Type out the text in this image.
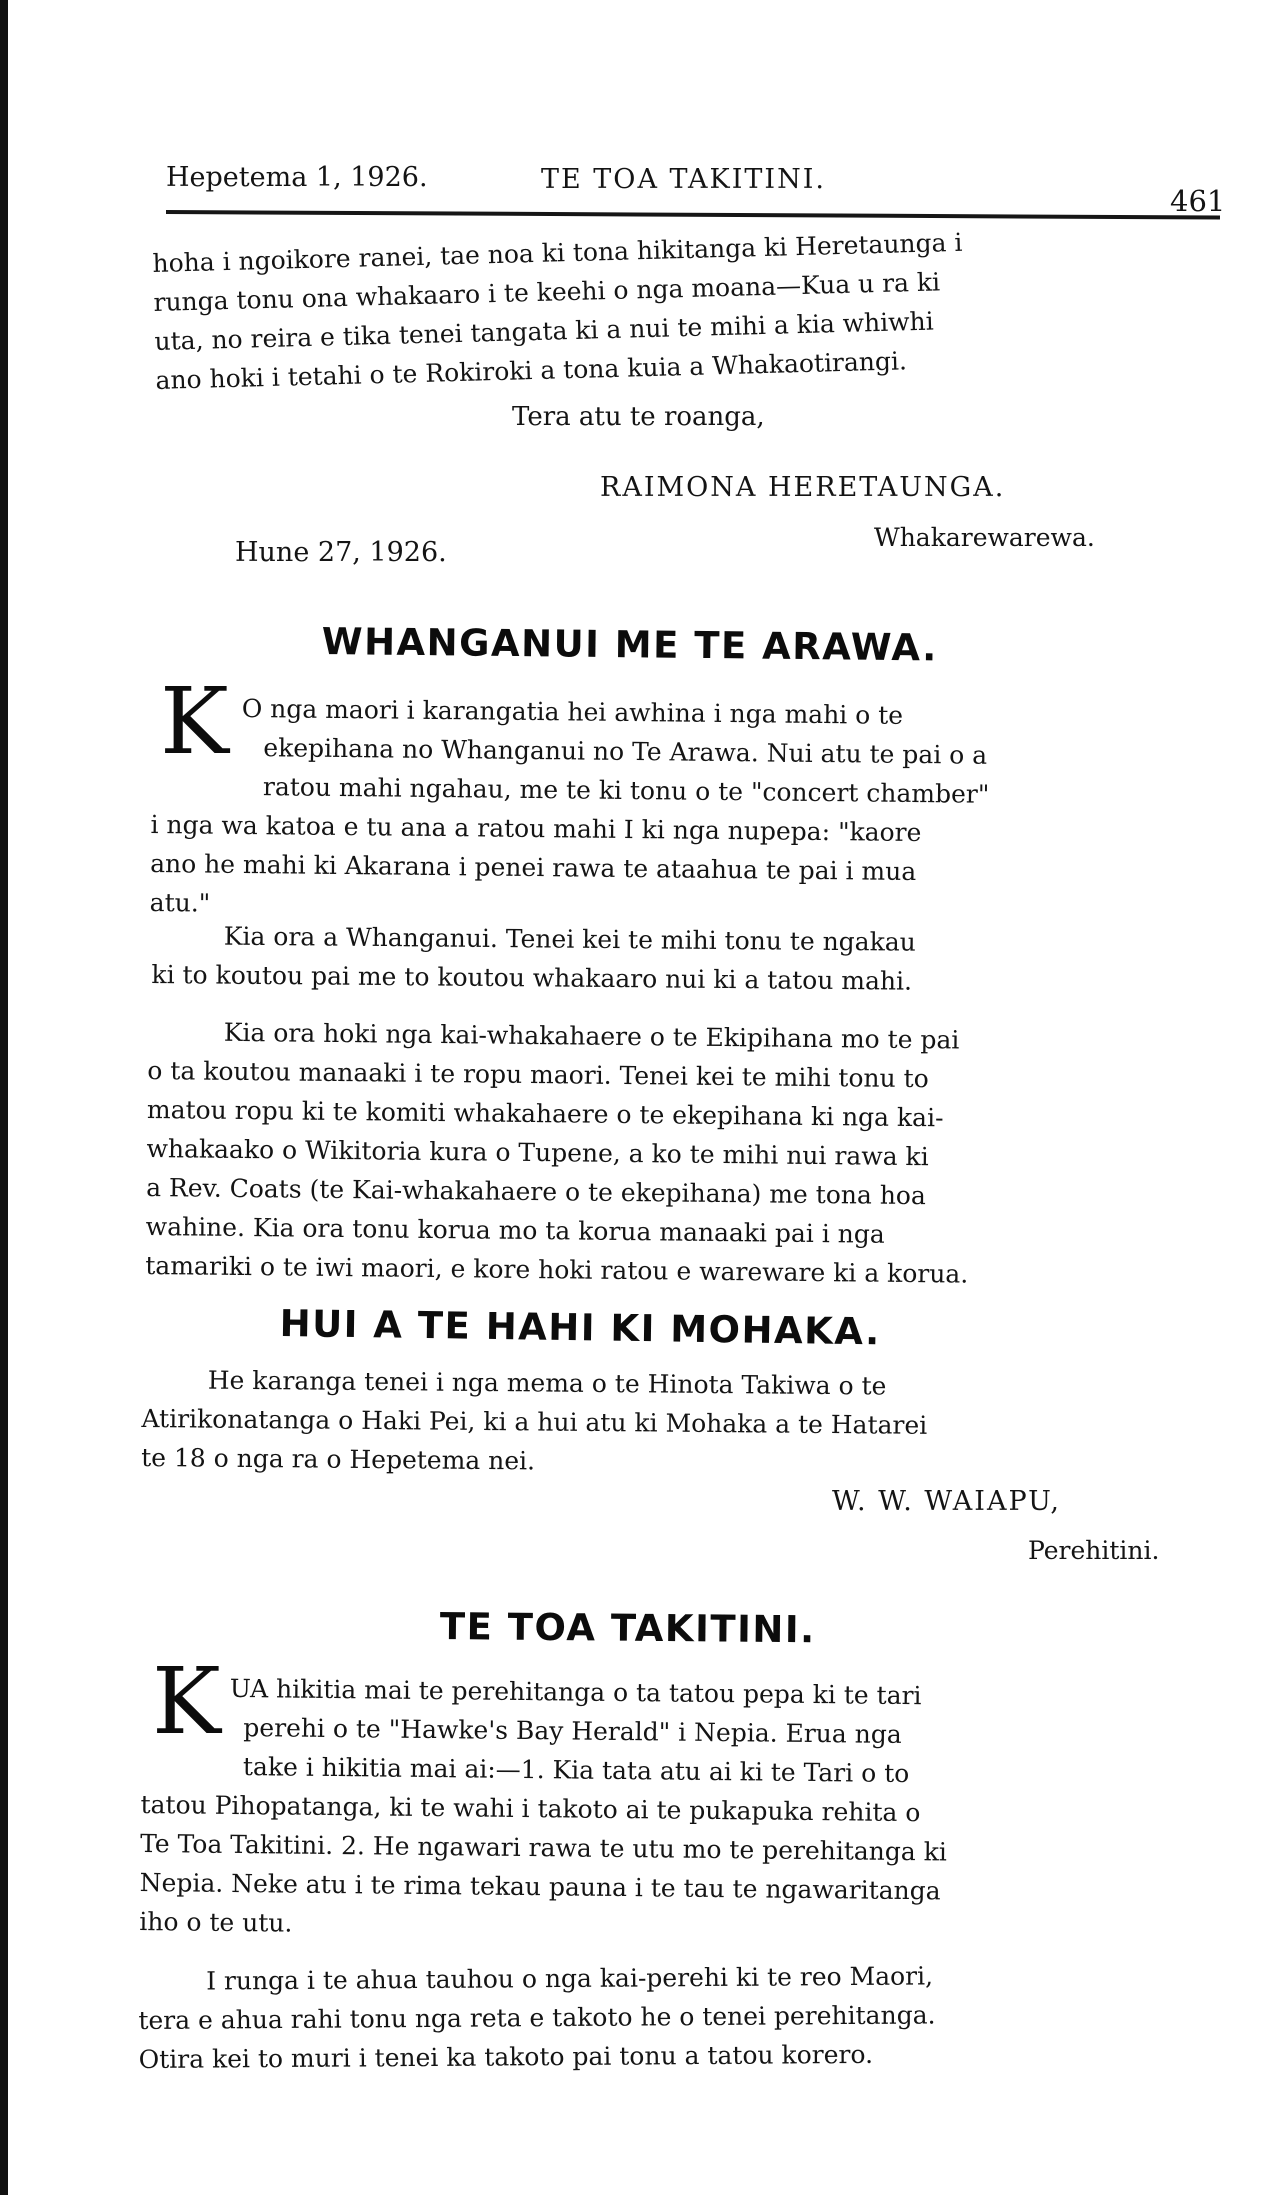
Hepetema 1, 1926.	TE TOA TAKITINI.
461
hoha i ngoikore ranei, tae noa ki tona hikitanga ki Heretaunga i
runga tonu ona whakaaro i te keehi o nga moana—Kua u ra ki
uta, no reira e tika tenei tangata ki a nui te mihi a kia whiwhi
ano hoki i tetahi o te Rokiroki a tona kuia a Whakaotirangi.
Tera atu te roanga,
RAIMONA HERETAUNGA.
Whakarewarewa.
Hune 27, 1926.
WHANGANUI ME TE ARAWA.
K O nga maori i karangatia hei awhina i nga mahi o te
ekepihana no Whanganui no Te Arawa. Nui atu te pai o a
ratou mahi ngahau, me te ki tonu o te "concert chamber"
i nga wa katoa e tu ana a ratou mahi I ki nga nupepa: "kaore
ano he mahi ki Akarana i penei rawa te ataahua te pai i mua
atu."
Kia ora a Whanganui. Tenei kei te mihi tonu te ngakau
ki to koutou pai me to koutou whakaaro nui ki a tatou mahi.
Kia ora hoki nga kai-whakahaere o te Ekipihana mo te pai
o ta koutou manaaki i te ropu maori. Tenei kei te mihi tonu to
matou ropu ki te komiti whakahaere o te ekepihana ki nga kai-
whakaako o Wikitoria kura o Tupene, a ko te mihi nui rawa ki
a Rev. Coats (te Kai-whakahaere o te ekepihana) me tona hoa
wahine. Kia ora tonu korua mo ta korua manaaki pai i nga
tamariki o te iwi maori, e kore hoki ratou e wareware ki a korua.
HUI A TE HAHI KI MOHAKA.
He karanga tenei i nga mema o te Hinota Takiwa o te
Atirikonatanga o Haki Pei, ki a hui atu ki Mohaka a te Hatarei
te 18 o nga ra o Hepetema nei.
W. W. WAIAPU,
Perehitini.
TE TOA TAKITINI.
K UA hikitia mai te perehitanga o ta tatou pepa ki te tari
perehi o te "Hawke's Bay Herald" i Nepia. Erua nga
take i hikitia mai ai:—1. Kia tata atu ai ki te Tari o to
tatou Pihopatanga, ki te wahi i takoto ai te pukapuka rehita o
Te Toa Takitini. 2. He ngawari rawa te utu mo te perehitanga ki
Nepia. Neke atu i te rima tekau pauna i te tau te ngawaritanga
iho o te utu.
I runga i te ahua tauhou o nga kai-perehi ki te reo Maori,
tera e ahua rahi tonu nga reta e takoto he o tenei perehitanga.
Otira kei to muri i tenei ka takoto pai tonu a tatou korero.
